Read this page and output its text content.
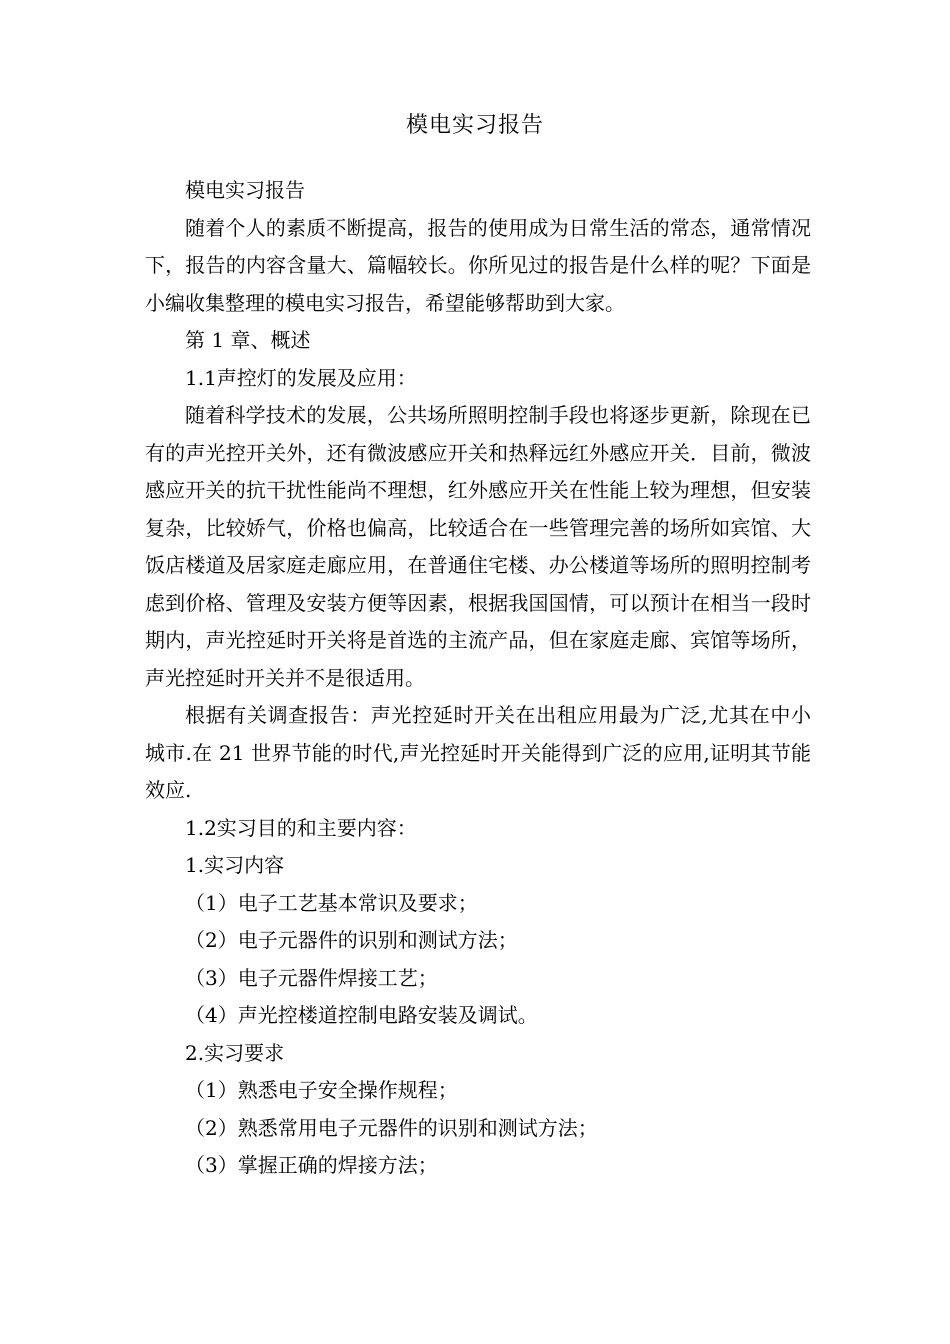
模电实习报告

模电实习报告

随着个人的素质不断提高，报告的使用成为日常生活的常态，通常情况下，报告的内容含量大、篇幅较长。你所见过的报告是什么样的呢？下面是小编收集整理的模电实习报告，希望能够帮助到大家。

第 1 章、概述

1.1声控灯的发展及应用：

随着科学技术的发展，公共场所照明控制手段也将逐步更新，除现在已有的声光控开关外，还有微波感应开关和热释远红外感应开关．目前，微波感应开关的抗干扰性能尚不理想，红外感应开关在性能上较为理想，但安装复杂，比较娇气，价格也偏高，比较适合在一些管理完善的场所如宾馆、大饭店楼道及居家庭走廊应用，在普通住宅楼、办公楼道等场所的照明控制考虑到价格、管理及安装方便等因素，根据我国国情，可以预计在相当一段时期内，声光控延时开关将是首选的主流产品，但在家庭走廊、宾馆等场所，声光控延时开关并不是很适用。

根据有关调查报告：声光控延时开关在出租应用最为广泛,尤其在中小城市.在 21 世界节能的时代,声光控延时开关能得到广泛的应用,证明其节能效应.

1.2实习目的和主要内容：

1.实习内容

（1）电子工艺基本常识及要求；

（2）电子元器件的识别和测试方法；

（3）电子元器件焊接工艺；

（4）声光控楼道控制电路安装及调试。

2.实习要求

（1）熟悉电子安全操作规程；

（2）熟悉常用电子元器件的识别和测试方法；

（3）掌握正确的焊接方法；
